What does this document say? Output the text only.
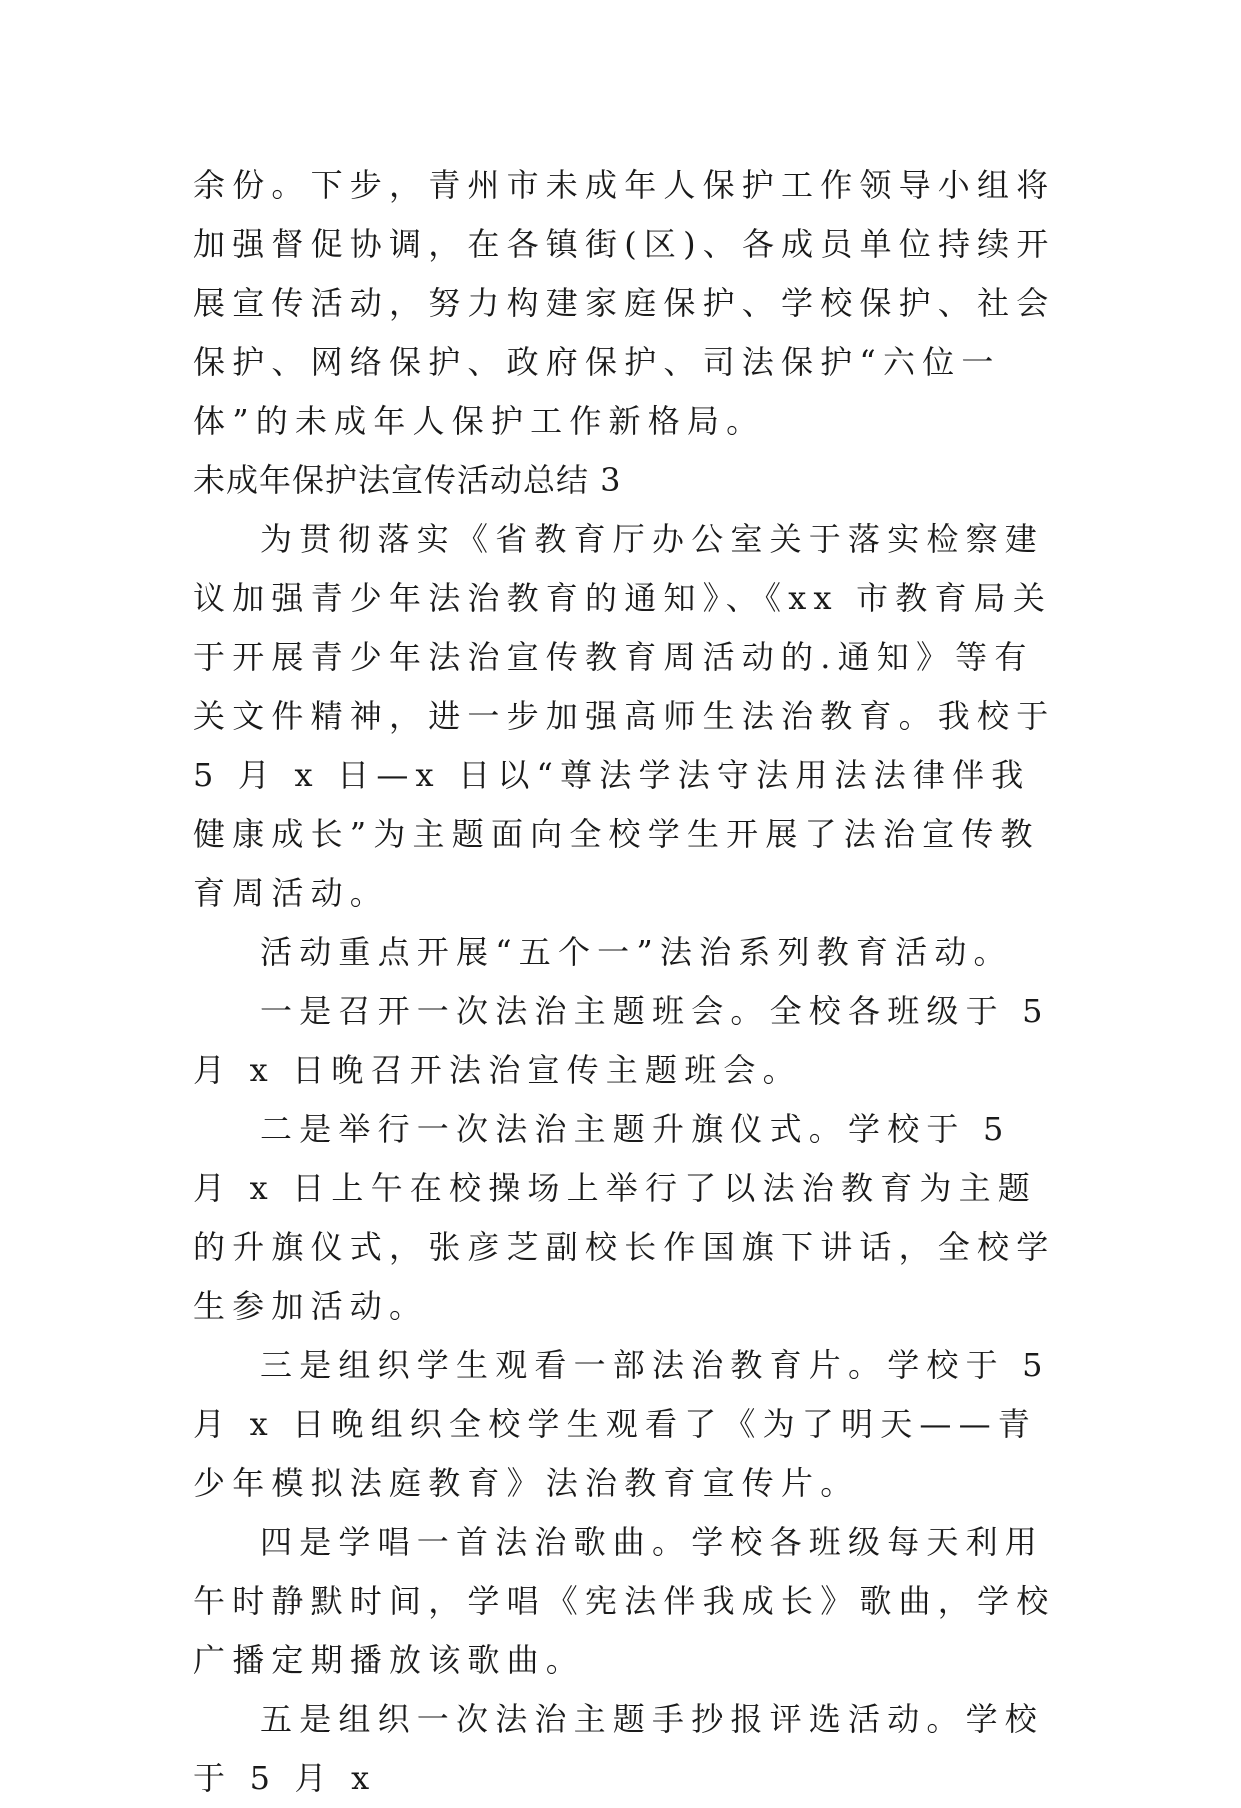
余份。下步，青州市未成年人保护工作领导小组将加强督促协调，在各镇街(区)、各成员单位持续开展宣传活动，努力构建家庭保护、学校保护、社会保护、网络保护、政府保护、司法保护“六位一体”的未成年人保护工作新格局。

未成年保护法宣传活动总结 3

为贯彻落实《省教育厅办公室关于落实检察建议加强青少年法治教育的通知》、《xx 市教育局关于开展青少年法治宣传教育周活动的.通知》等有关文件精神，进一步加强高师生法治教育。我校于 5 月 x 日—x 日以“尊法学法守法用法法律伴我健康成长”为主题面向全校学生开展了法治宣传教育周活动。

活动重点开展“五个一”法治系列教育活动。

一是召开一次法治主题班会。全校各班级于 5 月 x 日晚召开法治宣传主题班会。

二是举行一次法治主题升旗仪式。学校于 5 月 x 日上午在校操场上举行了以法治教育为主题的升旗仪式，张彦芝副校长作国旗下讲话，全校学生参加活动。

三是组织学生观看一部法治教育片。学校于 5 月 x 日晚组织全校学生观看了《为了明天——青少年模拟法庭教育》法治教育宣传片。

四是学唱一首法治歌曲。学校各班级每天利用午时静默时间，学唱《宪法伴我成长》歌曲，学校广播定期播放该歌曲。

五是组织一次法治主题手抄报评选活动。学校于 5 月 x
